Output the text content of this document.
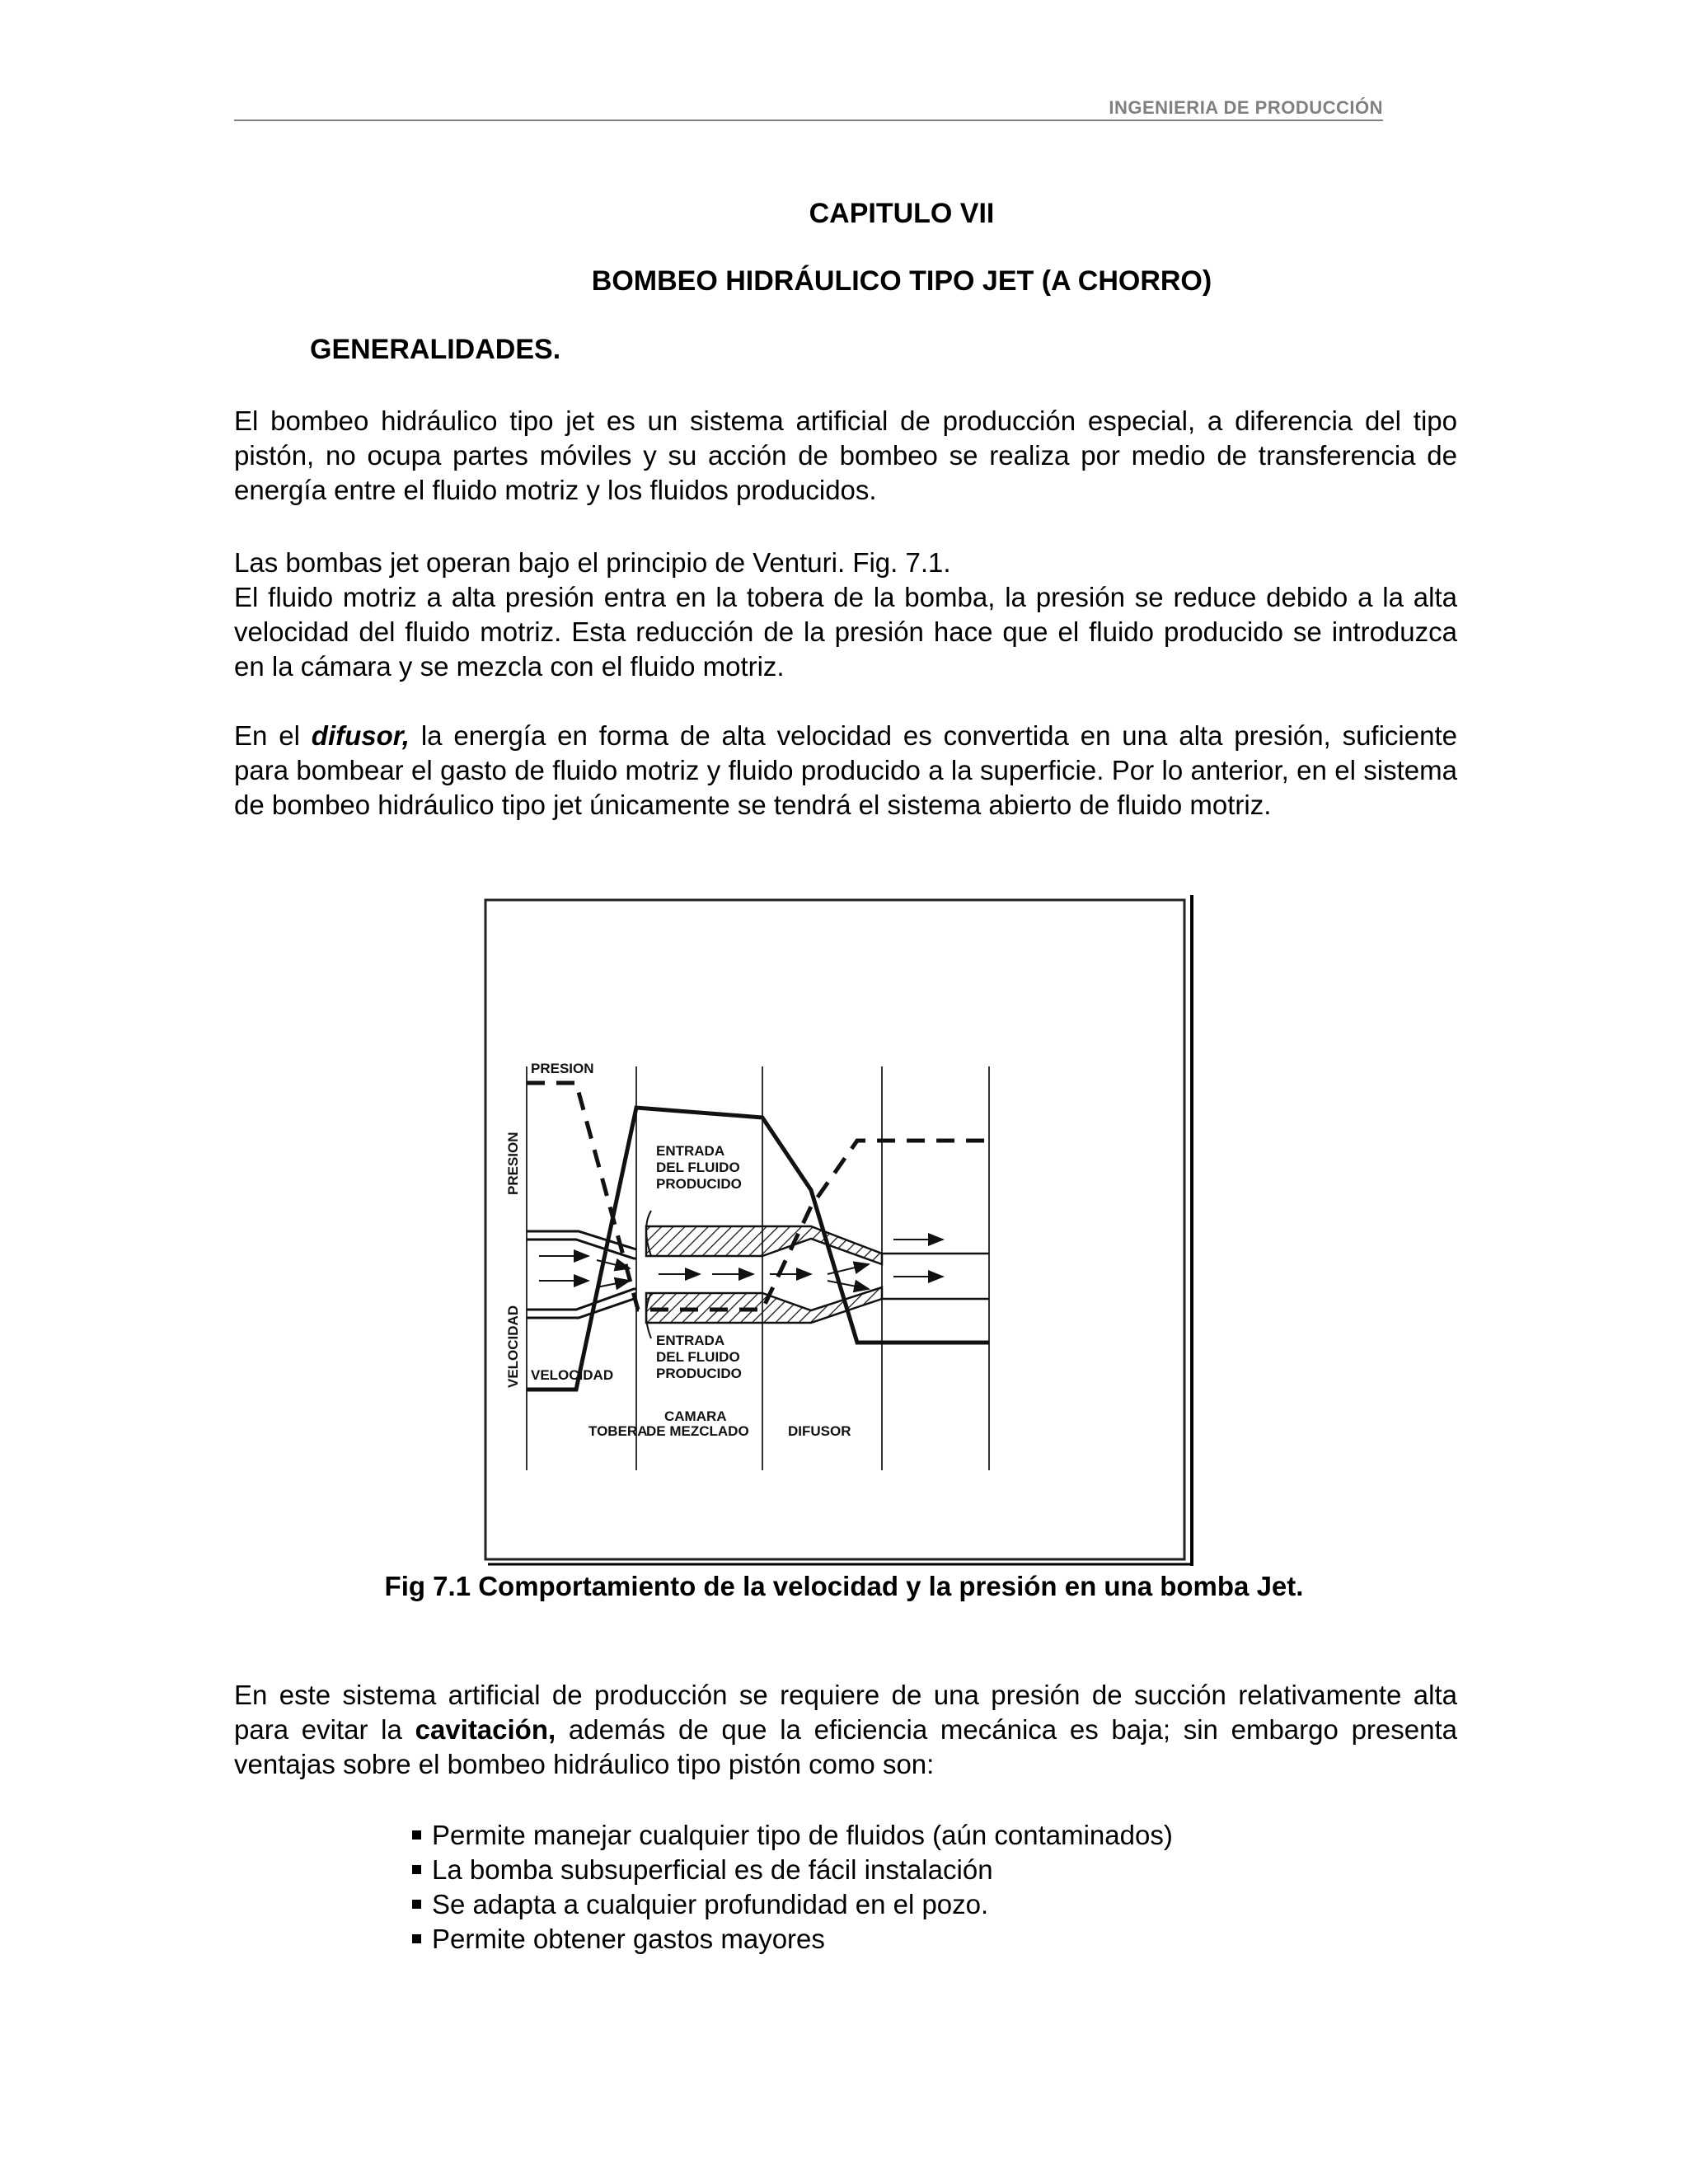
INGENIERIA DE PRODUCCIÓN
CAPITULO VII
BOMBEO HIDRÁULICO TIPO JET (A CHORRO)
GENERALIDADES.

El bombeo hidráulico tipo jet es un sistema artificial de producción especial, a diferencia del tipo pistón, no ocupa partes móviles y su acción de bombeo se realiza por medio de transferencia de energía entre el fluido motriz y los fluidos producidos.

Las bombas jet operan bajo el principio de Venturi. Fig. 7.1.

El fluido motriz a alta presión entra en la tobera de la bomba, la presión se reduce debido a la alta velocidad del fluido motriz. Esta reducción de la presión hace que el fluido producido se introduzca en la cámara y se mezcla con el fluido motriz.

En el difusor, la energía en forma de alta velocidad es convertida en una alta presión, suficiente para bombear el gasto de fluido motriz y fluido producido a la superficie. Por lo anterior, en el sistema de bombeo hidráulico tipo jet únicamente se tendrá el sistema abierto de fluido motriz.

PRESION
VELOCIDAD
PRESION
VELOCIDAD
ENTRADA
DEL FLUIDO
PRODUCIDO
ENTRADA
DEL FLUIDO
PRODUCIDO
TOBERA
CAMARA
DE MEZCLADO	DIFUSOR
Fig 7.1 Comportamiento de la velocidad y la presión en una bomba Jet.

En este sistema artificial de producción se requiere de una presión de succión relativamente alta para evitar la cavitación, además de que la eficiencia mecánica es baja; sin embargo presenta ventajas sobre el bombeo hidráulico tipo pistón como son:

Permite manejar cualquier tipo de fluidos (aún contaminados)
La bomba subsuperficial es de fácil instalación
Se adapta a cualquier profundidad en el pozo.
Permite obtener gastos mayores
